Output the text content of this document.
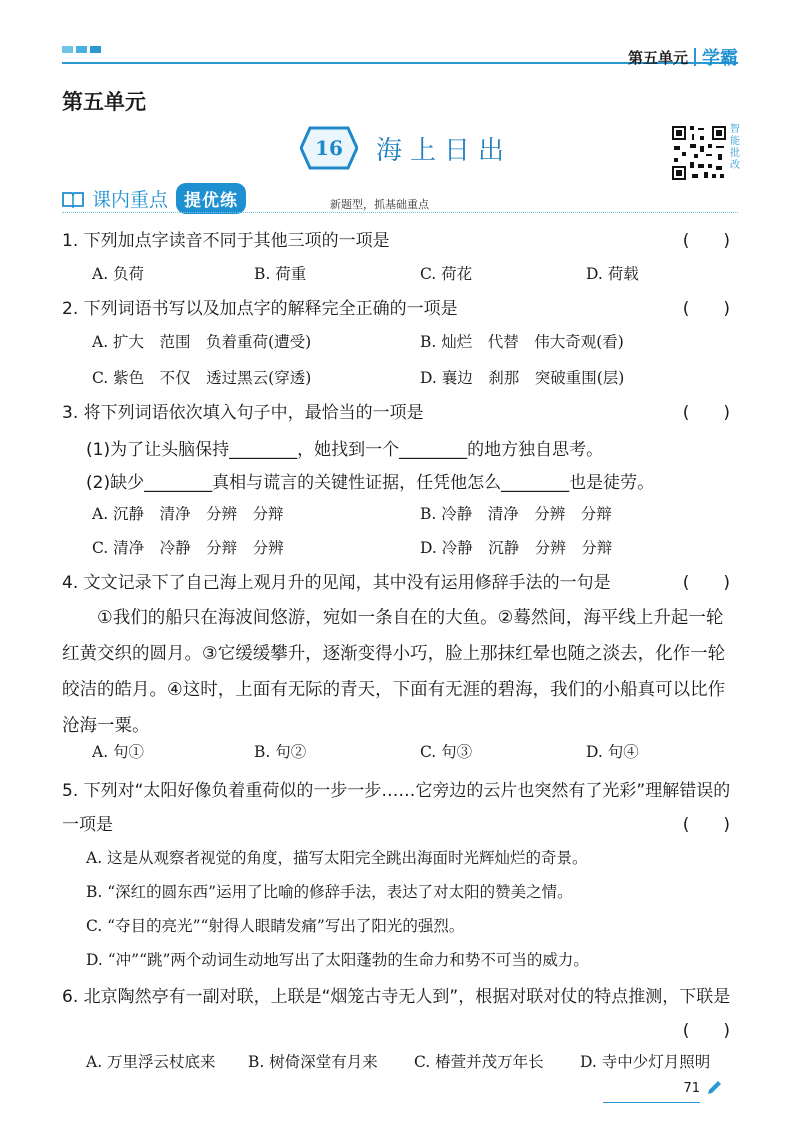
第五单元 学霸
第五单元
16	海上日出
智能批改
课内重点 提优练	新题型，抓基础重点
1. 下列加点字读音不同于其他三项的一项是	(　　)
A. 负荷	B. 荷重	C. 荷花	D. 荷载
2. 下列词语书写以及加点字的解释完全正确的一项是	(　　)
A. 扩大　范围　负着重荷(遭受)	B. 灿烂　代替　伟大奇观(看)
C. 紫色　不仅　透过黑云(穿透)	D. 襄边　刹那　突破重围(层)
3. 将下列词语依次填入句子中，最恰当的一项是	(　　)
(1)为了让头脑保持________，她找到一个________的地方独自思考。
(2)缺少________真相与谎言的关键性证据，任凭他怎么________也是徒劳。
A. 沉静　清净　分辨　分辩	B. 冷静　清净　分辨　分辩
C. 清净　冷静　分辩　分辨	D. 冷静　沉静　分辨　分辩
4. 文文记录下了自己海上观月升的见闻，其中没有运用修辞手法的一句是	(　　)
①我们的船只在海波间悠游，宛如一条自在的大鱼。②蓦然间，海平线上升起一轮红黄交织的圆月。③它缓缓攀升，逐渐变得小巧，脸上那抹红晕也随之淡去，化作一轮皎洁的皓月。④这时，上面有无际的青天，下面有无涯的碧海，我们的小船真可以比作沧海一粟。
A. 句①	B. 句②	C. 句③	D. 句④
5. 下列对“太阳好像负着重荷似的一步一步……它旁边的云片也突然有了光彩”理解错误的一项是	(　　)
A. 这是从观察者视觉的角度，描写太阳完全跳出海面时光辉灿烂的奇景。
B. “深红的圆东西”运用了比喻的修辞手法，表达了对太阳的赞美之情。
C. “夺目的亮光”“射得人眼睛发痛”写出了阳光的强烈。
D. “冲”“跳”两个动词生动地写出了太阳蓬勃的生命力和势不可当的威力。
6. 北京陶然亭有一副对联，上联是“烟笼古寺无人到”，根据对联对仗的特点推测，下联是
(　　)
A. 万里浮云杖底来 B. 树倚深堂有月来 C. 椿萱并茂万年长 D. 寺中少灯月照明
71
